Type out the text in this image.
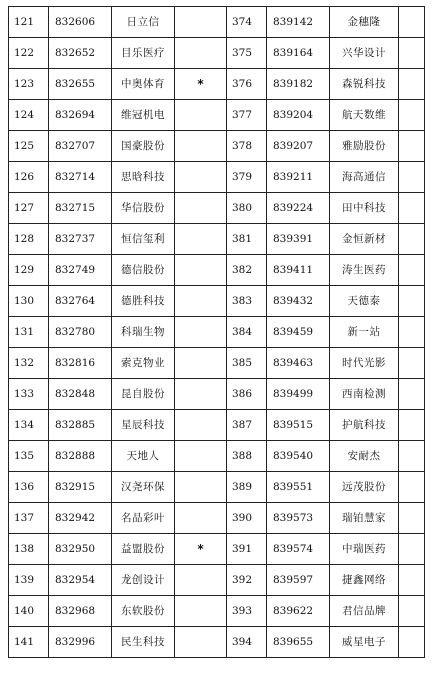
121	832606	日立信		374	839142	金穗隆	
122	832652	目乐医疗		375	839164	兴华设计	
123	832655	中奥体育	*	376	839182	森锐科技	
124	832694	维冠机电		377	839204	航天数维	
125	832707	国豪股份		378	839207	雅励股份	
126	832714	思晗科技		379	839211	海高通信	
127	832715	华信股份		380	839224	田中科技	
128	832737	恒信玺利		381	839391	金恒新材	
129	832749	德信股份		382	839411	涛生医药	
130	832764	德胜科技		383	839432	天德泰	
131	832780	科瑞生物		384	839459	新一站	
132	832816	索克物业		385	839463	时代光影	
133	832848	昆自股份		386	839499	西南检测	
134	832885	星辰科技		387	839515	护航科技	
135	832888	天地人		388	839540	安耐杰	
136	832915	汉尧环保		389	839551	远茂股份	
137	832942	名品彩叶		390	839573	瑞铂慧家	
138	832950	益盟股份	*	391	839574	中瑞医药	
139	832954	龙创设计		392	839597	捷鑫网络	
140	832968	东软股份		393	839622	君信品牌	
141	832996	民生科技		394	839655	威星电子	
